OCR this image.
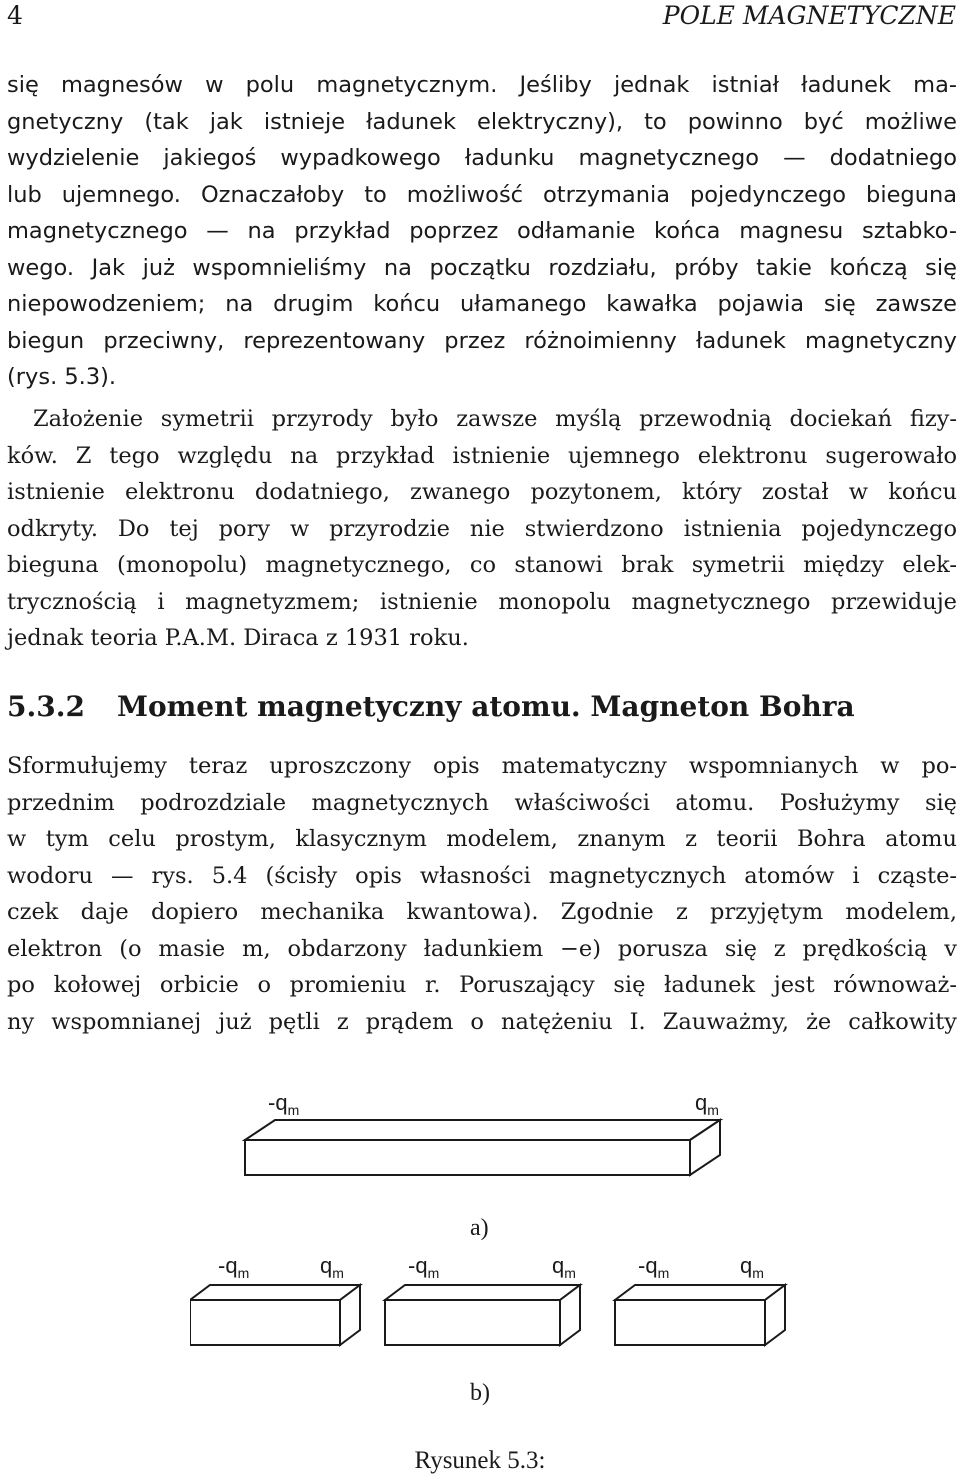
4	POLE MAGNETYCZNE
się magnesów w polu magnetycznym. Jeśliby jednak istniał ładunek ma-
gnetyczny (tak jak istnieje ładunek elektryczny), to powinno być możliwe
wydzielenie jakiegoś wypadkowego ładunku magnetycznego — dodatniego
lub ujemnego. Oznaczałoby to możliwość otrzymania pojedynczego bieguna
magnetycznego — na przykład poprzez odłamanie końca magnesu sztabko-
wego. Jak już wspomnieliśmy na początku rozdziału, próby takie kończą się
niepowodzeniem; na drugim końcu ułamanego kawałka pojawia się zawsze
biegun przeciwny, reprezentowany przez różnoimienny ładunek magnetyczny
(rys. 5.3).
Założenie symetrii przyrody było zawsze myślą przewodnią dociekań fizy-
ków. Z tego względu na przykład istnienie ujemnego elektronu sugerowało
istnienie elektronu dodatniego, zwanego pozytonem, który został w końcu
odkryty. Do tej pory w przyrodzie nie stwierdzono istnienia pojedynczego
bieguna (monopolu) magnetycznego, co stanowi brak symetrii między elek-
trycznością i magnetyzmem; istnienie monopolu magnetycznego przewiduje
jednak teoria P.A.M. Diraca z 1931 roku.
5.3.2 Moment magnetyczny atomu. Magneton Bohra
Sformułujemy teraz uproszczony opis matematyczny wspomnianych w po-
przednim podrozdziale magnetycznych właściwości atomu. Posłużymy się
w tym celu prostym, klasycznym modelem, znanym z teorii Bohra atomu
wodoru — rys. 5.4 (ścisły opis własności magnetycznych atomów i cząste-
czek daje dopiero mechanika kwantowa). Zgodnie z przyjętym modelem,
elektron (o masie m, obdarzony ładunkiem −e) porusza się z prędkością v
po kołowej orbicie o promieniu r. Poruszający się ładunek jest równoważ-
ny wspomnianej już pętli z prądem o natężeniu I. Zauważmy, że całkowity
$-q_m$	$q_m$
a)
$-q_m$	$q_m$	$-q_m$	$q_m$	$-q_m$	$q_m$
b)
Rysunek 5.3:
